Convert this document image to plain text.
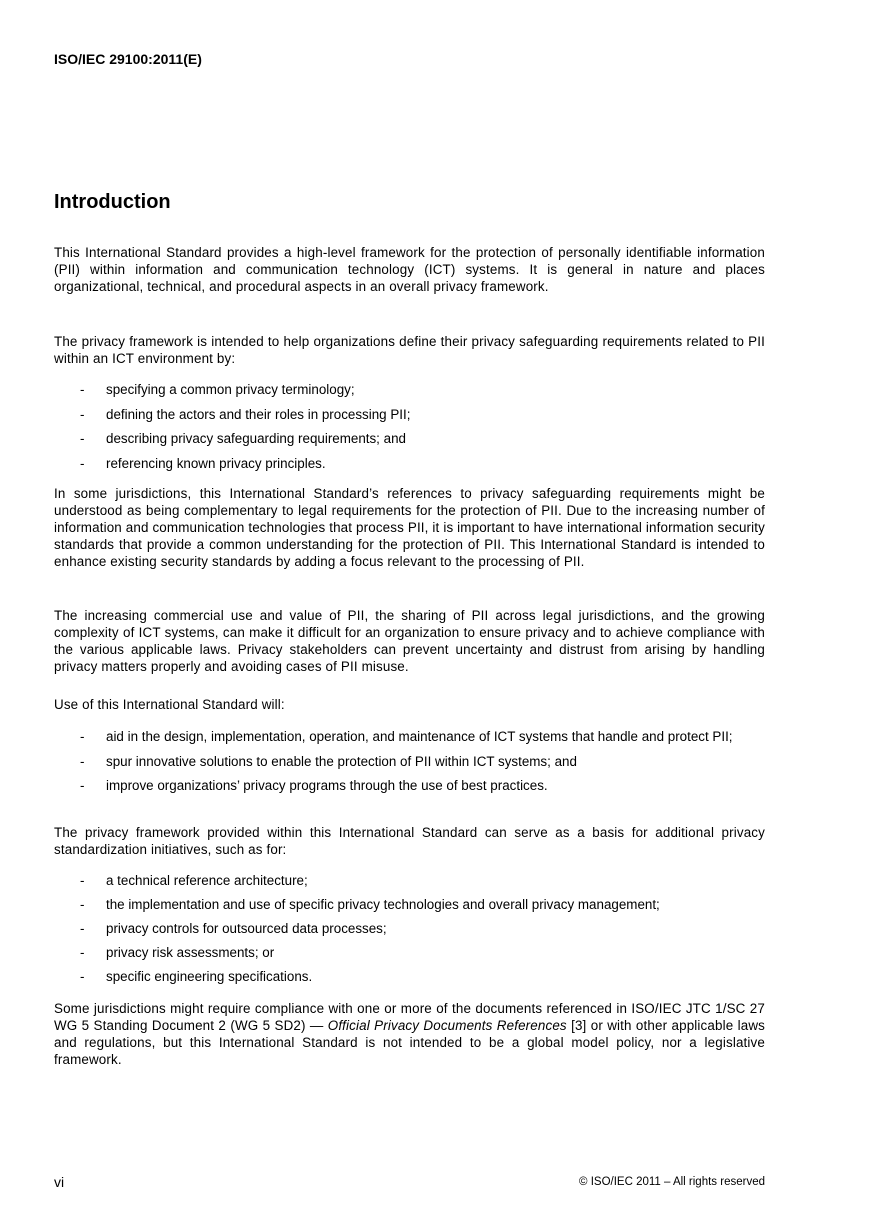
ISO/IEC 29100:2011(E)
Introduction

This International Standard provides a high-level framework for the protection of personally identifiable information (PII) within information and communication technology (ICT) systems. It is general in nature and places organizational, technical, and procedural aspects in an overall privacy framework.

The privacy framework is intended to help organizations define their privacy safeguarding requirements related to PII within an ICT environment by:

- specifying a common privacy terminology;
- defining the actors and their roles in processing PII;
- describing privacy safeguarding requirements; and
- referencing known privacy principles.

In some jurisdictions, this International Standard’s references to privacy safeguarding requirements might be understood as being complementary to legal requirements for the protection of PII. Due to the increasing number of information and communication technologies that process PII, it is important to have international information security standards that provide a common understanding for the protection of PII. This International Standard is intended to enhance existing security standards by adding a focus relevant to the processing of PII.

The increasing commercial use and value of PII, the sharing of PII across legal jurisdictions, and the growing complexity of ICT systems, can make it difficult for an organization to ensure privacy and to achieve compliance with the various applicable laws. Privacy stakeholders can prevent uncertainty and distrust from arising by handling privacy matters properly and avoiding cases of PII misuse.

Use of this International Standard will:

- aid in the design, implementation, operation, and maintenance of ICT systems that handle and protect PII;
- spur innovative solutions to enable the protection of PII within ICT systems; and
- improve organizations’ privacy programs through the use of best practices.

The privacy framework provided within this International Standard can serve as a basis for additional privacy standardization initiatives, such as for:

- a technical reference architecture;
- the implementation and use of specific privacy technologies and overall privacy management;
- privacy controls for outsourced data processes;
- privacy risk assessments; or
- specific engineering specifications.

Some jurisdictions might require compliance with one or more of the documents referenced in ISO/IEC JTC 1/SC 27 WG 5 Standing Document 2 (WG 5 SD2) — Official Privacy Documents References [3] or with other applicable laws and regulations, but this International Standard is not intended to be a global model policy, nor a legislative framework.

vi	© ISO/IEC 2011 – All rights reserved
